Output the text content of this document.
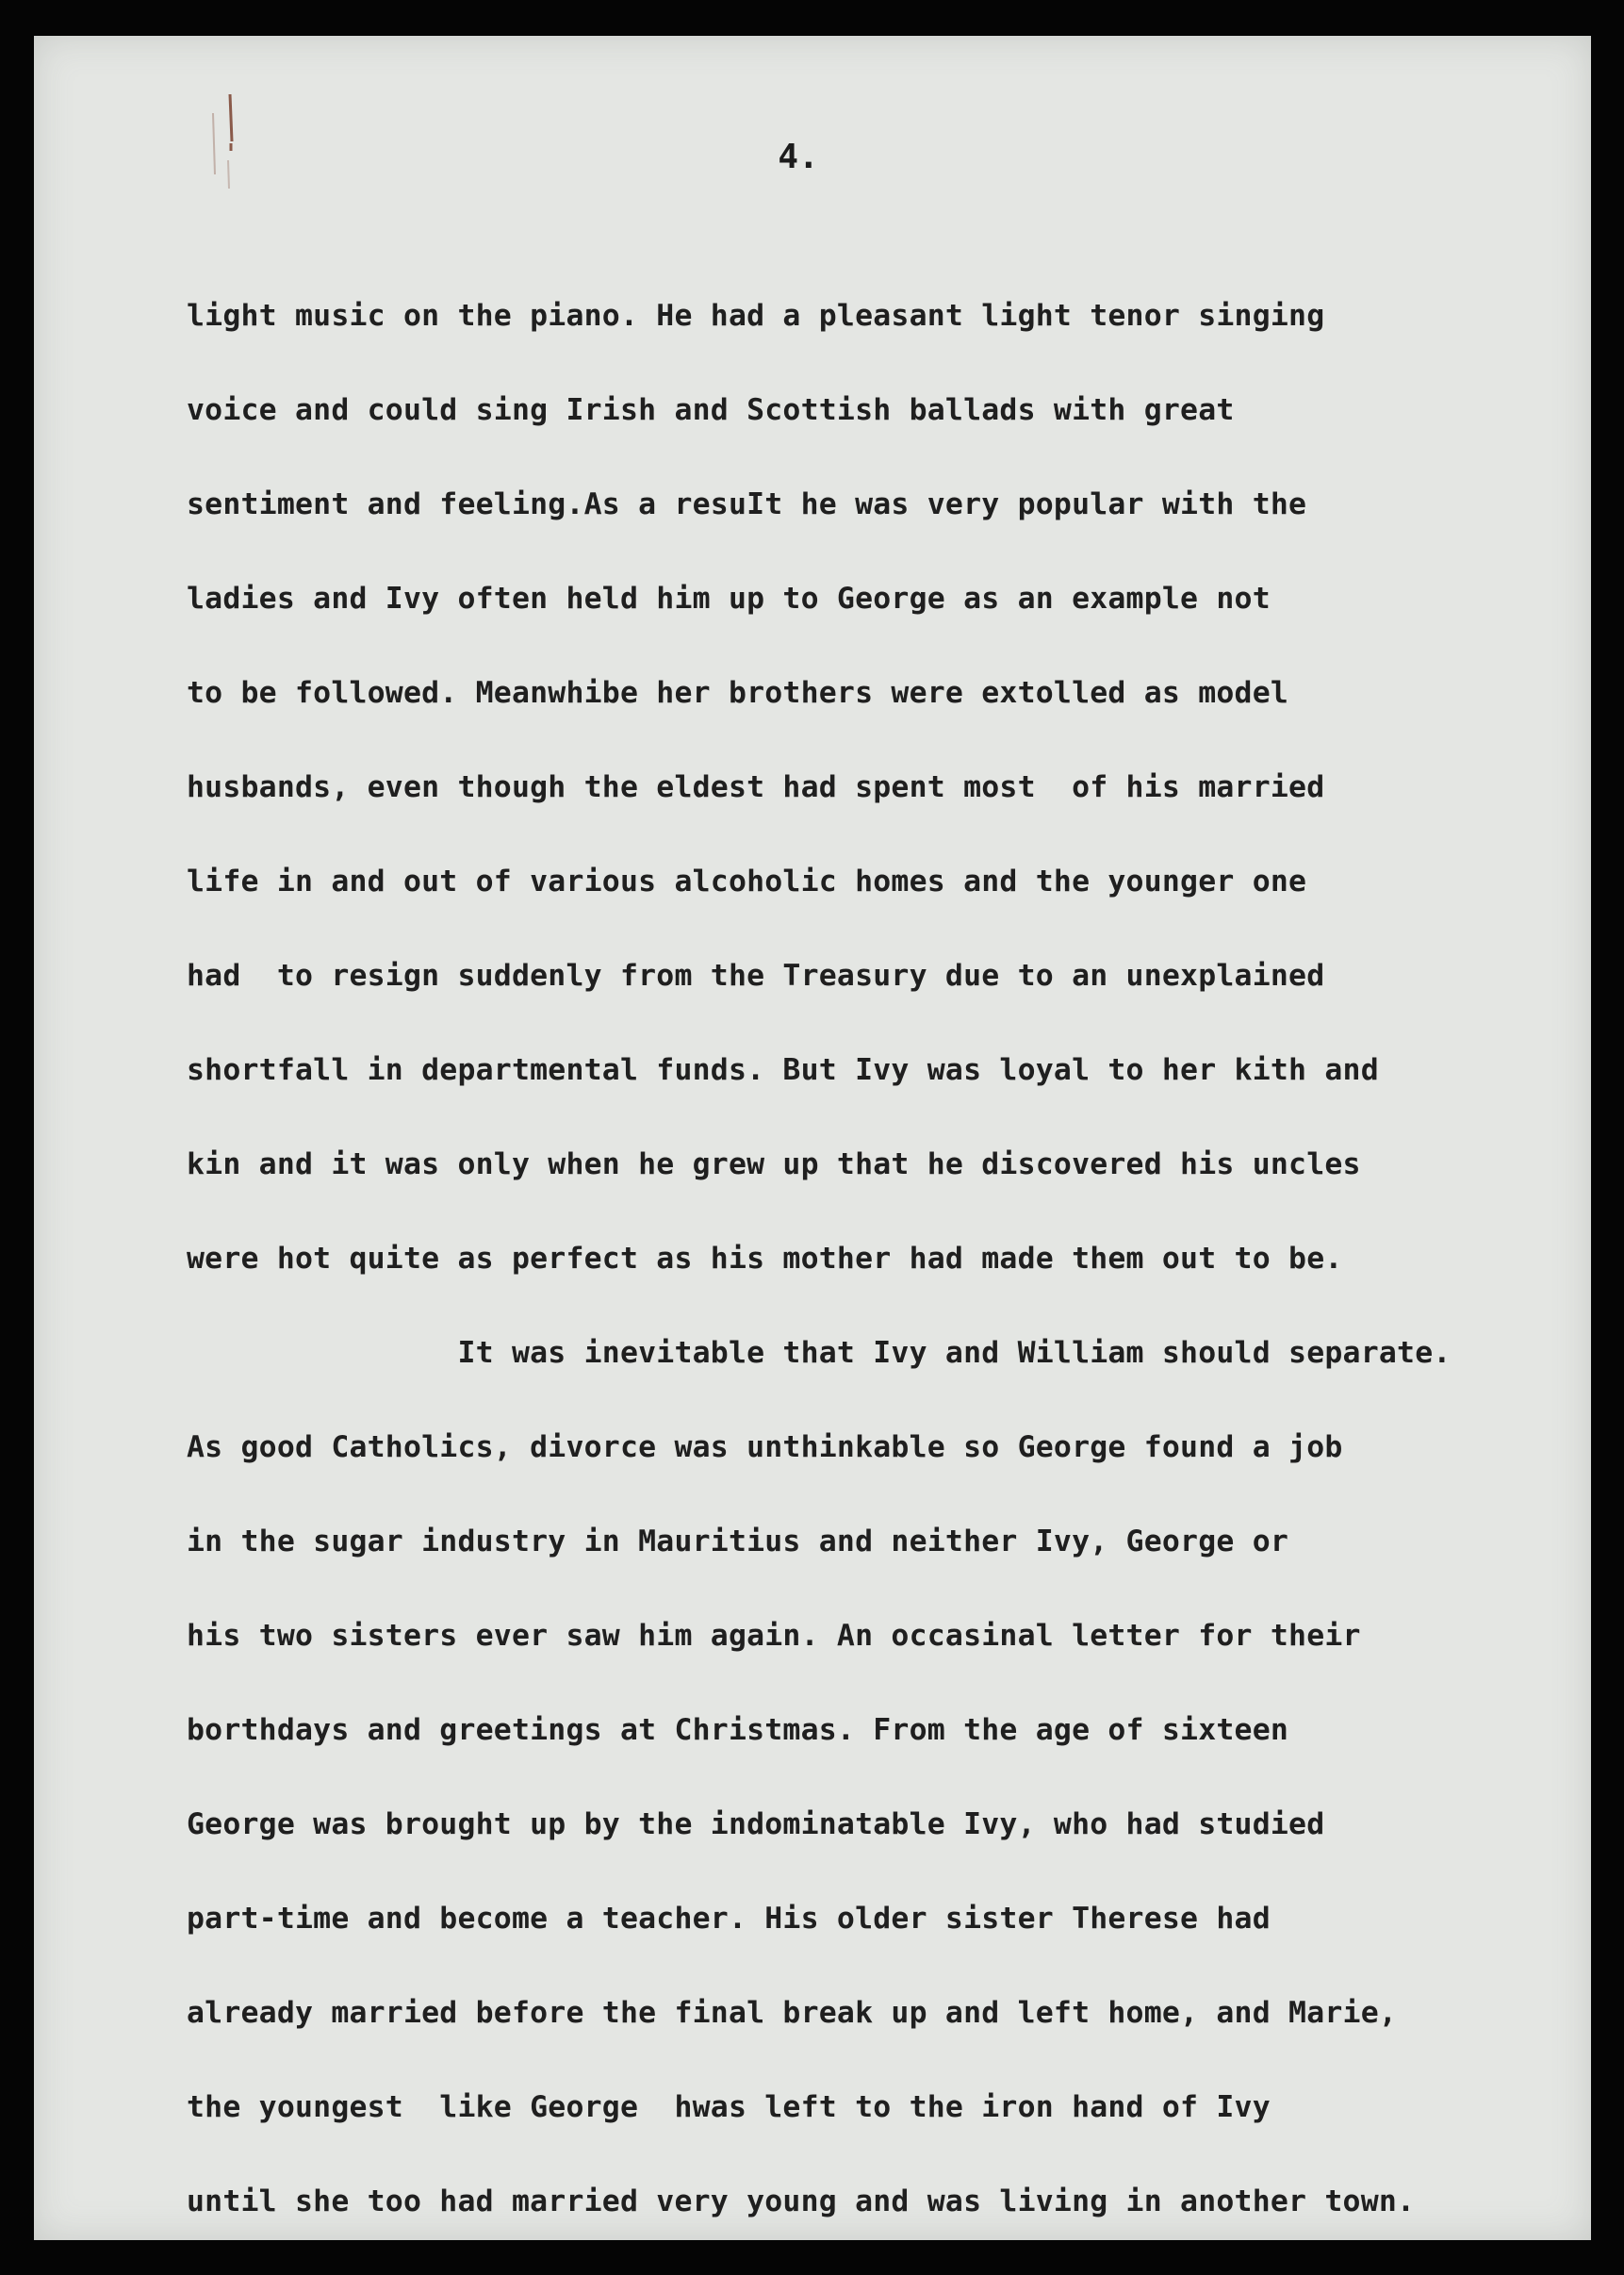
4.
light music on the piano. He had a pleasant light tenor singing
voice and could sing Irish and Scottish ballads with great
sentiment and feeling.As a resuIt he was very popular with the
ladies and Ivy often held him up to George as an example not
to be followed. Meanwhibe her brothers were extolled as model
husbands, even though the eldest had spent most  of his married
life in and out of various alcoholic homes and the younger one
had  to resign suddenly from the Treasury due to an unexplained
shortfall in departmental funds. But Ivy was loyal to her kith and
kin and it was only when he grew up that he discovered his uncles
were hot quite as perfect as his mother had made them out to be.
It was inevitable that Ivy and William should separate.
As good Catholics, divorce was unthinkable so George found a job
in the sugar industry in Mauritius and neither Ivy, George or
his two sisters ever saw him again. An occasinal letter for their
borthdays and greetings at Christmas. From the age of sixteen
George was brought up by the indominatable Ivy, who had studied
part-time and become a teacher. His older sister Therese had
already married before the final break up and left home, and Marie,
the youngest  like George  hwas left to the iron hand of Ivy
until she too had married very young and was living in another town.
